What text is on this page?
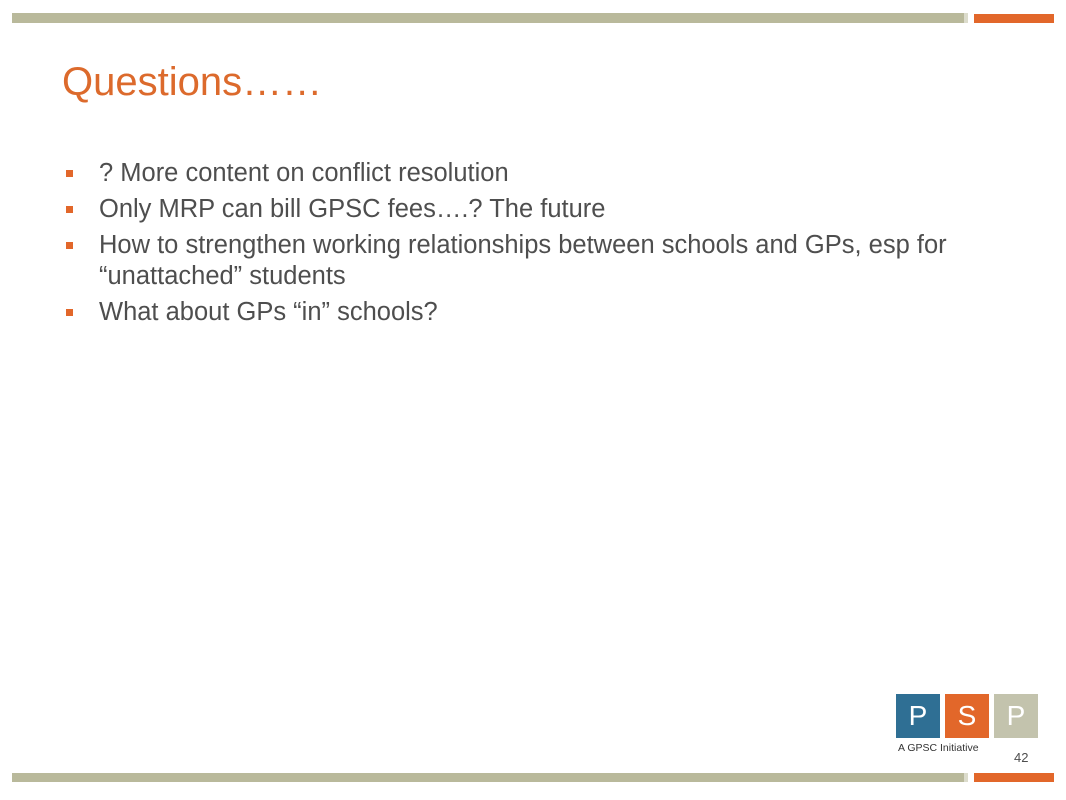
Questions……
? More content on conflict resolution
Only MRP can bill GPSC fees….? The future
How to strengthen working relationships between schools and GPs, esp for “unattached” students
What about GPs “in” schools?
P	S	P
A GPSC Initiative
42
